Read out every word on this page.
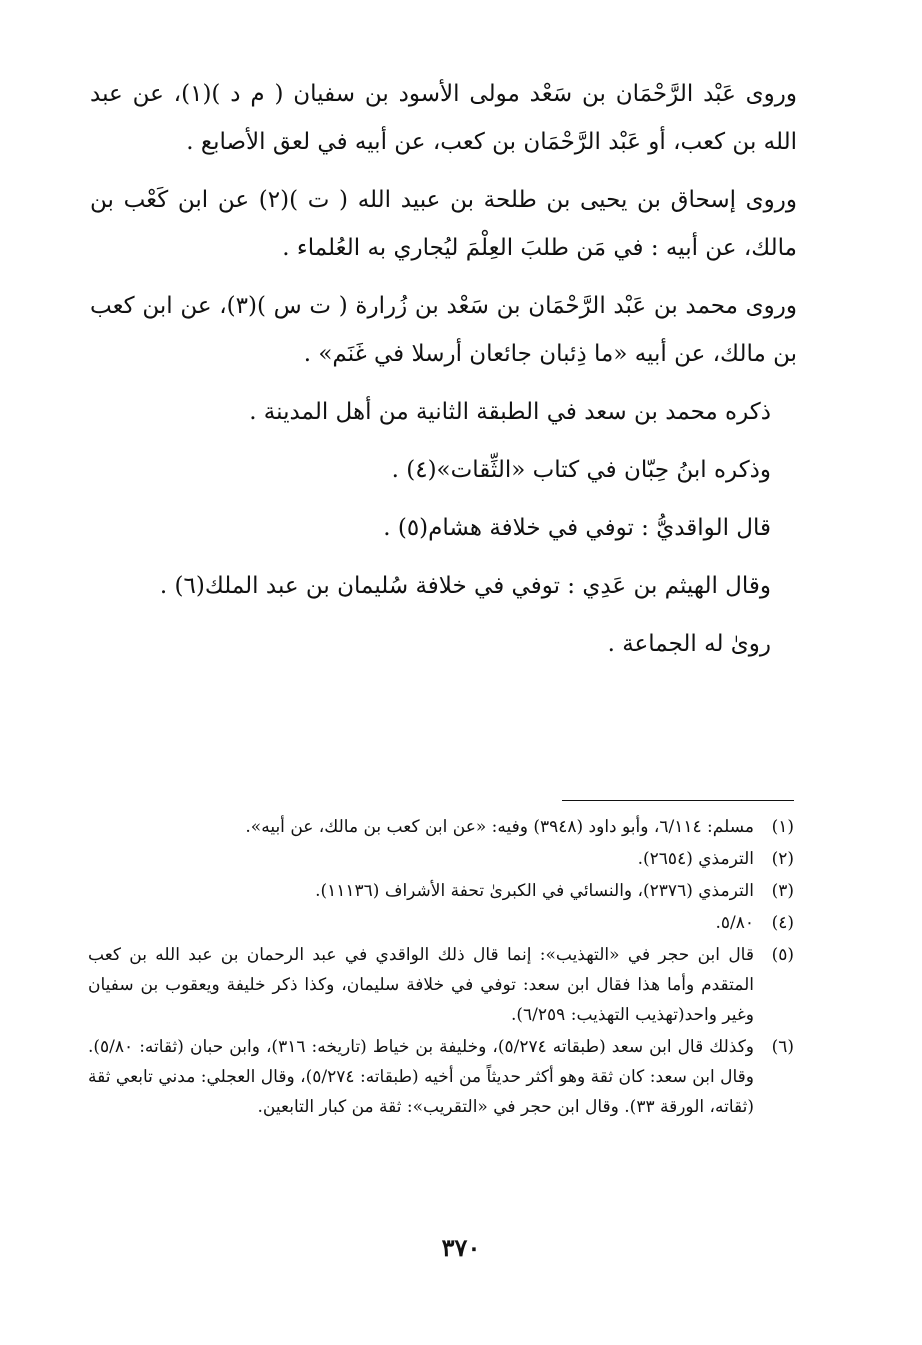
وروى عَبْد الرَّحْمَان بن سَعْد مولى الأسود بن سفيان ( م د )(١)، عن عبد الله بن كعب، أو عَبْد الرَّحْمَان بن كعب، عن أبيه في لعق الأصابع .

وروى إسحاق بن يحيى بن طلحة بن عبيد الله ( ت )(٢) عن ابن كَعْب بن مالك، عن أبيه : في مَن طلبَ العِلْمَ ليُجاري به العُلماء .

وروى محمد بن عَبْد الرَّحْمَان بن سَعْد بن زُرارة ( ت س )(٣)، عن ابن كعب بن مالك، عن أبيه «ما ذِئبان جائعان أرسلا في غَنَم» .

ذكره محمد بن سعد في الطبقة الثانية من أهل المدينة .

وذكره ابنُ حِبّان في كتاب «الثِّقات»(٤) .

قال الواقديُّ : توفي في خلافة هشام(٥) .

وقال الهيثم بن عَدِي : توفي في خلافة سُليمان بن عبد الملك(٦) .

روىٰ له الجماعة .

(١)
مسلم: ٦/١١٤، وأبو داود (٣٩٤٨) وفيه: «عن ابن كعب بن مالك، عن أبيه».
(٢)
الترمذي (٢٦٥٤).
(٣)
الترمذي (٢٣٧٦)، والنسائي في الكبرىٰ تحفة الأشراف (١١١٣٦).
(٤)
٥/٨٠.
(٥)
قال ابن حجر في «التهذيب»: إنما قال ذلك الواقدي في عبد الرحمان بن عبد الله بن كعب المتقدم وأما هذا فقال ابن سعد: توفي في خلافة سليمان، وكذا ذكر خليفة ويعقوب بن سفيان وغير واحد(تهذيب التهذيب: ٦/٢٥٩).
(٦)
وكذلك قال ابن سعد (طبقاته ٥/٢٧٤)، وخليفة بن خياط (تاريخه: ٣١٦)، وابن حبان (ثقاته: ٥/٨٠). وقال ابن سعد: كان ثقة وهو أكثر حديثاً من أخيه (طبقاته: ٥/٢٧٤)، وقال العجلي: مدني تابعي ثقة (ثقاته، الورقة ٣٣). وقال ابن حجر في «التقريب»: ثقة من كبار التابعين.
٣٧٠
